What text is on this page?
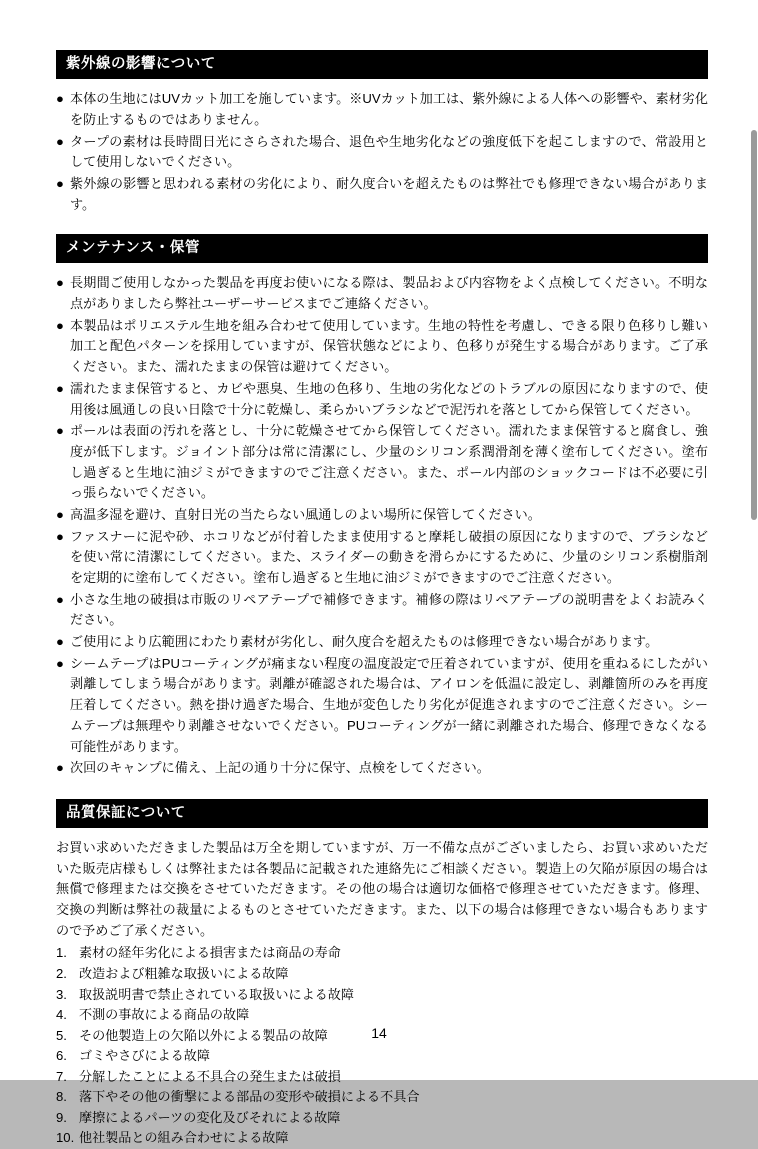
紫外線の影響について
● 本体の生地にはUVカット加工を施しています。※UVカット加工は、紫外線による人体への影響や、素材劣化を防止するものではありません。
● タープの素材は長時間日光にさらされた場合、退色や生地劣化などの強度低下を起こしますので、常設用として使用しないでください。
● 紫外線の影響と思われる素材の劣化により、耐久度合いを超えたものは弊社でも修理できない場合があります。
メンテナンス・保管
● 長期間ご使用しなかった製品を再度お使いになる際は、製品および内容物をよく点検してください。不明な点がありましたら弊社ユーザーサービスまでご連絡ください。
● 本製品はポリエステル生地を組み合わせて使用しています。生地の特性を考慮し、できる限り色移りし難い加工と配色パターンを採用していますが、保管状態などにより、色移りが発生する場合があります。ご了承ください。また、濡れたままの保管は避けてください。
● 濡れたまま保管すると、カビや悪臭、生地の色移り、生地の劣化などのトラブルの原因になりますので、使用後は風通しの良い日陰で十分に乾燥し、柔らかいブラシなどで泥汚れを落としてから保管してください。
● ポールは表面の汚れを落とし、十分に乾燥させてから保管してください。濡れたまま保管すると腐食し、強度が低下します。ジョイント部分は常に清潔にし、少量のシリコン系潤滑剤を薄く塗布してください。塗布し過ぎると生地に油ジミができますのでご注意ください。また、ポール内部のショックコードは不必要に引っ張らないでください。
● 高温多湿を避け、直射日光の当たらない風通しのよい場所に保管してください。
● ファスナーに泥や砂、ホコリなどが付着したまま使用すると摩耗し破損の原因になりますので、ブラシなどを使い常に清潔にしてください。また、スライダーの動きを滑らかにするために、少量のシリコン系樹脂剤を定期的に塗布してください。塗布し過ぎると生地に油ジミができますのでご注意ください。
● 小さな生地の破損は市販のリペアテープで補修できます。補修の際はリペアテープの説明書をよくお読みください。
● ご使用により広範囲にわたり素材が劣化し、耐久度合を超えたものは修理できない場合があります。
● シームテープはPUコーティングが痛まない程度の温度設定で圧着されていますが、使用を重ねるにしたがい剥離してしまう場合があります。剥離が確認された場合は、アイロンを低温に設定し、剥離箇所のみを再度圧着してください。熱を掛け過ぎた場合、生地が変色したり劣化が促進されますのでご注意ください。シームテープは無理やり剥離させないでください。PUコーティングが一緒に剥離された場合、修理できなくなる可能性があります。
● 次回のキャンプに備え、上記の通り十分に保守、点検をしてください。
品質保証について

お買い求めいただきました製品は万全を期していますが、万一不備な点がございましたら、お買い求めいただいた販売店様もしくは弊社または各製品に記載された連絡先にご相談ください。製造上の欠陥が原因の場合は無償で修理または交換をさせていただきます。その他の場合は適切な価格で修理させていただきます。修理、交換の判断は弊社の裁量によるものとさせていただきます。また、以下の場合は修理できない場合もありますので予めご了承ください。

1. 素材の経年劣化による損害または商品の寿命
2. 改造および粗雑な取扱いによる故障
3. 取扱説明書で禁止されている取扱いによる故障
4. 不測の事故による商品の故障
5. その他製造上の欠陥以外による製品の故障
6. ゴミやさびによる故障
7. 分解したことによる不具合の発生または破損
8. 落下やその他の衝撃による部品の変形や破損による不具合
9. 摩擦によるパーツの変化及びそれによる故障
10. 他社製品との組み合わせによる故障
14
